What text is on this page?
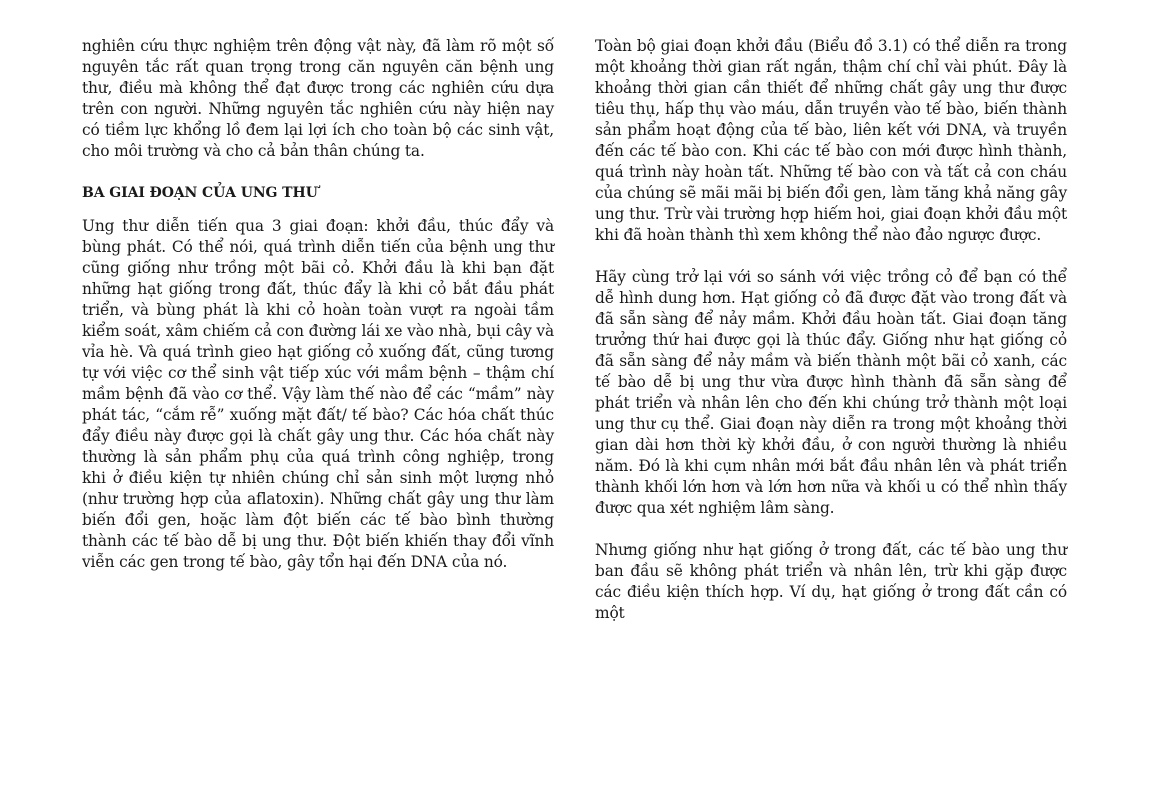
nghiên cứu thực nghiệm trên động vật này, đã làm rõ một số nguyên tắc rất quan trọng trong căn nguyên căn bệnh ung thư, điều mà không thể đạt được trong các nghiên cứu dựa trên con người. Những nguyên tắc nghiên cứu này hiện nay có tiềm lực khổng lồ đem lại lợi ích cho toàn bộ các sinh vật, cho môi trường và cho cả bản thân chúng ta.

BA GIAI ĐOẠN CỦA UNG THƯ

Ung thư diễn tiến qua 3 giai đoạn: khởi đầu, thúc đẩy và bùng phát. Có thể nói, quá trình diễn tiến của bệnh ung thư cũng giống như trồng một bãi cỏ. Khởi đầu là khi bạn đặt những hạt giống trong đất, thúc đẩy là khi cỏ bắt đầu phát triển, và bùng phát là khi cỏ hoàn toàn vượt ra ngoài tầm kiểm soát, xâm chiếm cả con đường lái xe vào nhà, bụi cây và vỉa hè. Và quá trình gieo hạt giống cỏ xuống đất, cũng tương tự với việc cơ thể sinh vật tiếp xúc với mầm bệnh – thậm chí mầm bệnh đã vào cơ thể. Vậy làm thế nào để các “mầm” này phát tác, “cắm rễ” xuống mặt đất/ tế bào? Các hóa chất thúc đẩy điều này được gọi là chất gây ung thư. Các hóa chất này thường là sản phẩm phụ của quá trình công nghiệp, trong khi ở điều kiện tự nhiên chúng chỉ sản sinh một lượng nhỏ (như trường hợp của aflatoxin). Những chất gây ung thư làm biến đổi gen, hoặc làm đột biến các tế bào bình thường thành các tế bào dễ bị ung thư. Đột biến khiến thay đổi vĩnh viễn các gen trong tế bào, gây tổn hại đến DNA của nó.

Toàn bộ giai đoạn khởi đầu (Biểu đồ 3.1) có thể diễn ra trong một khoảng thời gian rất ngắn, thậm chí chỉ vài phút. Đây là khoảng thời gian cần thiết để những chất gây ung thư được tiêu thụ, hấp thụ vào máu, dẫn truyền vào tế bào, biến thành sản phẩm hoạt động của tế bào, liên kết với DNA, và truyền đến các tế bào con. Khi các tế bào con mới được hình thành, quá trình này hoàn tất. Những tế bào con và tất cả con cháu của chúng sẽ mãi mãi bị biến đổi gen, làm tăng khả năng gây ung thư. Trừ vài trường hợp hiếm hoi, giai đoạn khởi đầu một khi đã hoàn thành thì xem không thể nào đảo ngược được.

Hãy cùng trở lại với so sánh với việc trồng cỏ để bạn có thể dễ hình dung hơn. Hạt giống cỏ đã được đặt vào trong đất và đã sẵn sàng để nảy mầm. Khởi đầu hoàn tất. Giai đoạn tăng trưởng thứ hai được gọi là thúc đẩy. Giống như hạt giống cỏ đã sẵn sàng để nảy mầm và biến thành một bãi cỏ xanh, các tế bào dễ bị ung thư vừa được hình thành đã sẵn sàng để phát triển và nhân lên cho đến khi chúng trở thành một loại ung thư cụ thể. Giai đoạn này diễn ra trong một khoảng thời gian dài hơn thời kỳ khởi đầu, ở con người thường là nhiều năm. Đó là khi cụm nhân mới bắt đầu nhân lên và phát triển thành khối lớn hơn và lớn hơn nữa và khối u có thể nhìn thấy được qua xét nghiệm lâm sàng.

Nhưng giống như hạt giống ở trong đất, các tế bào ung thư ban đầu sẽ không phát triển và nhân lên, trừ khi gặp được các điều kiện thích hợp. Ví dụ, hạt giống ở trong đất cần có một
